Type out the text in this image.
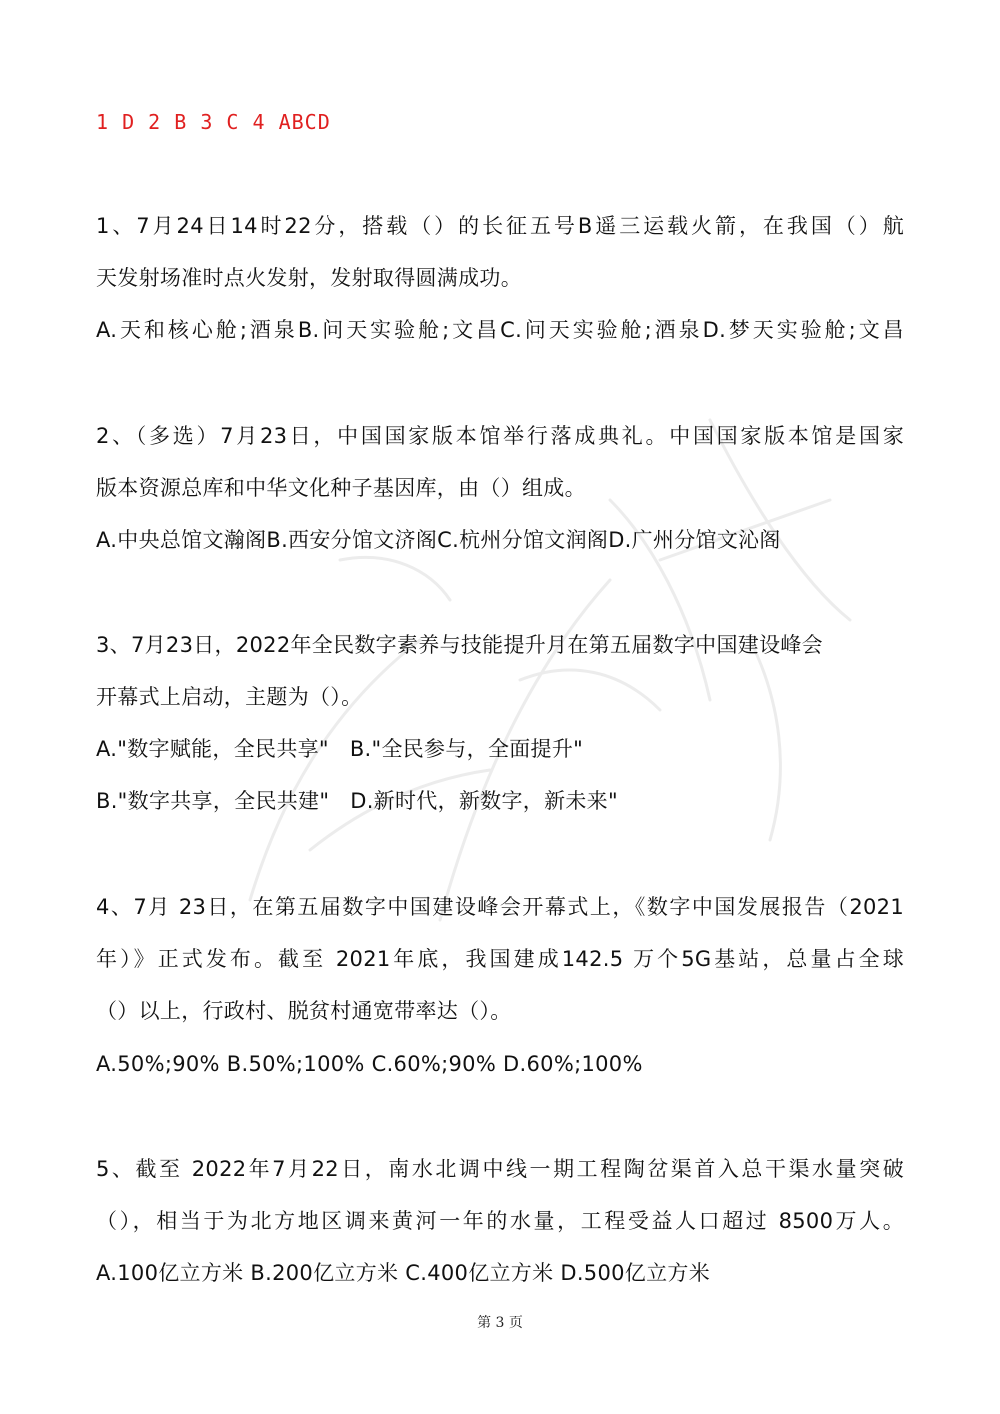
1 D 2 B 3 C 4 ABCD
1、7月24日14时22分，搭载（）的长征五号B遥三运载火箭，在我国（）航
天发射场准时点火发射，发射取得圆满成功。
A.天和核心舱;酒泉B.问天实验舱;文昌C.问天实验舱;酒泉D.梦天实验舱;文昌
2、（多选）7月23日，中国国家版本馆举行落成典礼。中国国家版本馆是国家
版本资源总库和中华文化种子基因库，由（）组成。
A.中央总馆文瀚阁B.西安分馆文济阁C.杭州分馆文润阁D.广州分馆文沁阁
3、7月23日，2022年全民数字素养与技能提升月在第五届数字中国建设峰会
开幕式上启动，主题为（）。
A."数字赋能，全民共享"   B."全民参与，全面提升"
B."数字共享，全民共建"   D.新时代，新数字，新未来"
4、7月 23日，在第五届数字中国建设峰会开幕式上，《数字中国发展报告（2021
年）》正式发布。截至 2021年底，我国建成142.5 万个5G基站，总量占全球
（）以上，行政村、脱贫村通宽带率达（）。
A.50%;90% B.50%;100% C.60%;90% D.60%;100%
5、截至 2022年7月22日，南水北调中线一期工程陶岔渠首入总干渠水量突破
（），相当于为北方地区调来黄河一年的水量，工程受益人口超过 8500万人。
A.100亿立方米 B.200亿立方米 C.400亿立方米 D.500亿立方米
第 3 页
